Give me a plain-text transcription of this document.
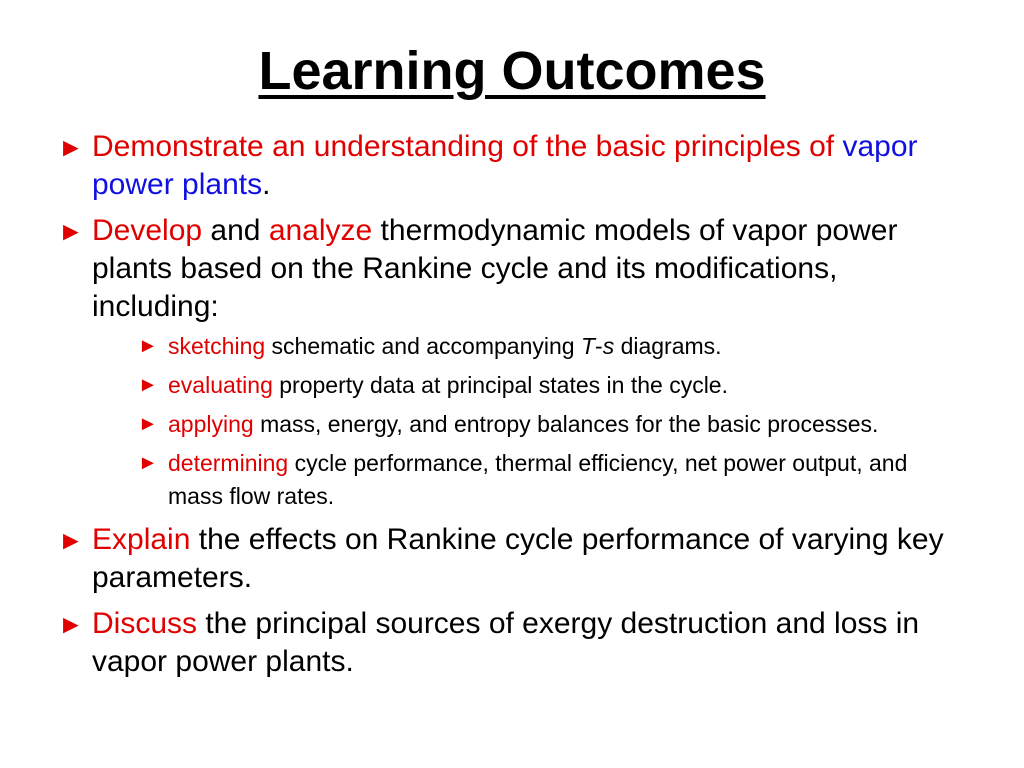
Learning Outcomes
► Demonstrate an understanding of the basic principles of vapor power plants.
► Develop and analyze thermodynamic models of vapor power plants based on the Rankine cycle and its modifications, including:
► sketching schematic and accompanying T-s diagrams.
► evaluating property data at principal states in the cycle.
► applying mass, energy, and entropy balances for the basic processes.
► determining cycle performance, thermal efficiency, net power output, and mass flow rates.
► Explain the effects on Rankine cycle performance of varying key parameters.
► Discuss the principal sources of exergy destruction and loss in vapor power plants.
